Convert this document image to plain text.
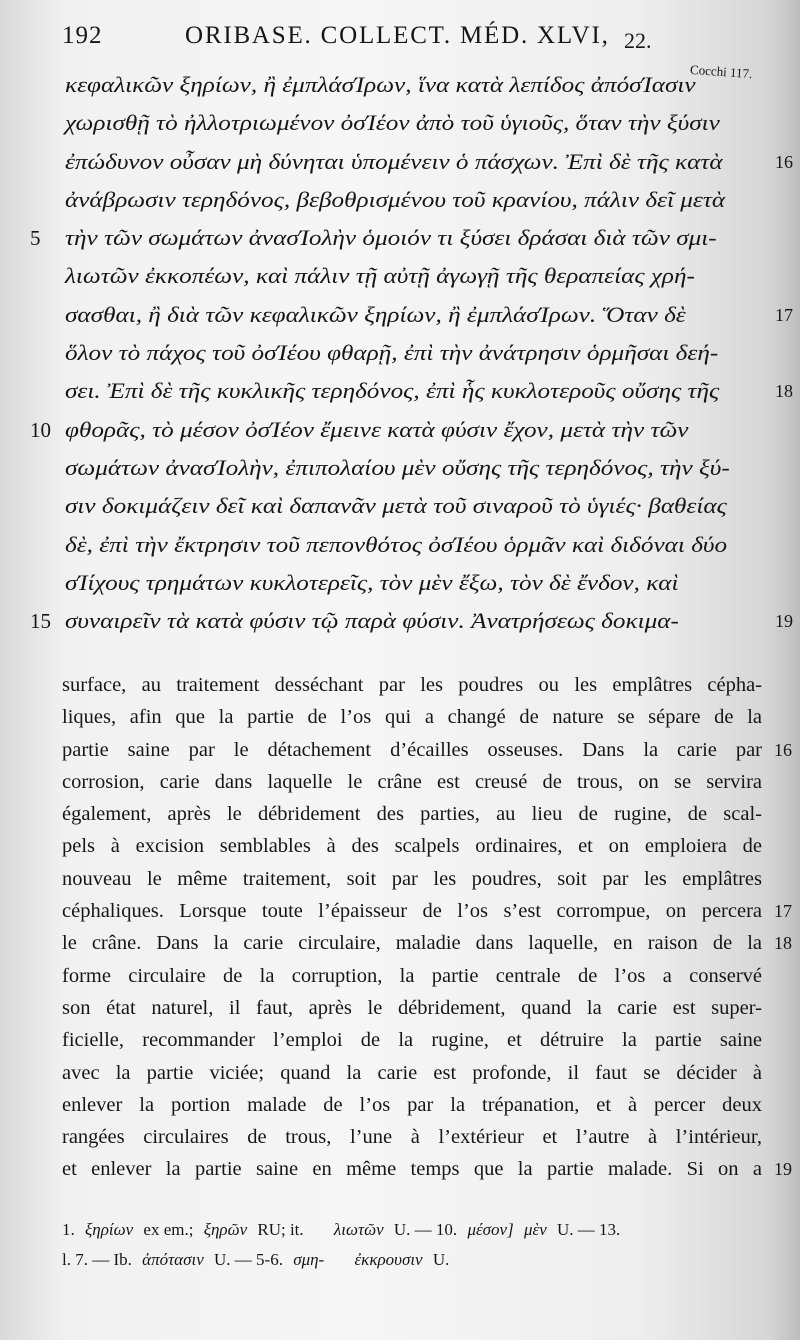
192	ORIBASE. COLLECT. MÉD. XLVI, 22.
Cocchi 117.
κεφαλικῶν ξηρίων, ἢ ἐμπλάσΊρων, ἵνα κατὰ λεπίδος ἀπόσΊασιν
χωρισθῇ τὸ ἠλλοτριωμένον ὀσΊέον ἀπὸ τοῦ ὑγιοῦς, ὅταν τὴν ξύσιν
ἐπώδυνον οὖσαν μὴ δύνηται ὑπομένειν ὁ πάσχων. Ἐπὶ δὲ τῆς κατὰ	16
ἀνάβρωσιν τερηδόνος, βεβοθρισμένου τοῦ κρανίου, πάλιν δεῖ μετὰ
5 τὴν τῶν σωμάτων ἀνασΊολὴν ὁμοιόν τι ξύσει δράσαι διὰ τῶν σμι-
λιωτῶν ἐκκοπέων, καὶ πάλιν τῇ αὐτῇ ἀγωγῇ τῆς θεραπείας χρή-
σασθαι, ἢ διὰ τῶν κεφαλικῶν ξηρίων, ἢ ἐμπλάσΊρων. Ὅταν δὲ	17
ὅλον τὸ πάχος τοῦ ὀσΊέου φθαρῇ, ἐπὶ τὴν ἀνάτρησιν ὁρμῆσαι δεή-
σει. Ἐπὶ δὲ τῆς κυκλικῆς τερηδόνος, ἐπὶ ἧς κυκλοτεροῦς οὔσης τῆς	18
10 φθορᾶς, τὸ μέσον ὀσΊέον ἔμεινε κατὰ φύσιν ἔχον, μετὰ τὴν τῶν
σωμάτων ἀνασΊολὴν, ἐπιπολαίου μὲν οὔσης τῆς τερηδόνος, τὴν ξύ-
σιν δοκιμάζειν δεῖ καὶ δαπανᾶν μετὰ τοῦ σιναροῦ τὸ ὑγιές· βαθείας
δὲ, ἐπὶ τὴν ἔκτρησιν τοῦ πεπονθότος ὀσΊέου ὁρμᾶν καὶ διδόναι δύο
σΊίχους τρημάτων κυκλοτερεῖς, τὸν μὲν ἔξω, τὸν δὲ ἔνδον, καὶ
15 συναιρεῖν τὰ κατὰ φύσιν τῷ παρὰ φύσιν. Ἀνατρήσεως δοκιμα-	19
surface, au traitement desséchant par les poudres ou les emplâtres cépha-
liques, afin que la partie de l’os qui a changé de nature se sépare de la
partie saine par le détachement d’écailles osseuses. Dans la carie par 16
corrosion, carie dans laquelle le crâne est creusé de trous, on se servira
également, après le débridement des parties, au lieu de rugine, de scal-
pels à excision semblables à des scalpels ordinaires, et on emploiera de
nouveau le même traitement, soit par les poudres, soit par les emplâtres
céphaliques. Lorsque toute l’épaisseur de l’os s’est corrompue, on percera 17
le crâne. Dans la carie circulaire, maladie dans laquelle, en raison de la 18
forme circulaire de la corruption, la partie centrale de l’os a conservé
son état naturel, il faut, après le débridement, quand la carie est super-
ficielle, recommander l’emploi de la rugine, et détruire la partie saine
avec la partie viciée; quand la carie est profonde, il faut se décider à
enlever la portion malade de l’os par la trépanation, et à percer deux
rangées circulaires de trous, l’une à l’extérieur et l’autre à l’intérieur,
et enlever la partie saine en même temps que la partie malade. Si on a 19
1. ξηρίων ex em.; ξηρῶν RU; it. λιωτῶν U. — 10. μέσον] μὲν U. — 13.
l. 7. — Ib. ἀπότασιν U. — 5-6. σμη- ἐκκρουσιν U.
